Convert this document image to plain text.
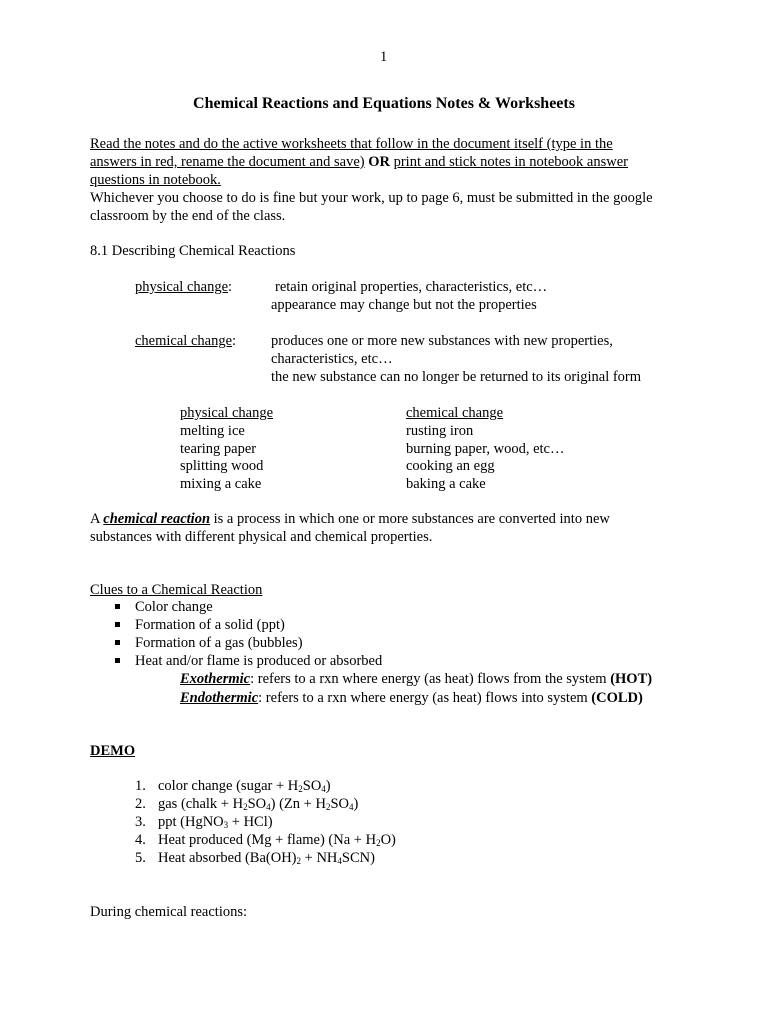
1
Chemical Reactions and Equations Notes & Worksheets
Read the notes and do the active worksheets that follow in the document itself (type in the
answers in red, rename the document and save) OR print and stick notes in notebook answer
questions in notebook.
Whichever you choose to do is fine but your work, up to page 6, must be submitted in the google
classroom by the end of the class.
8.1 Describing Chemical Reactions
physical change:	retain original properties, characteristics, etc…
appearance may change but not the properties
chemical change: produces one or more new substances with new properties,
characteristics, etc…
the new substance can no longer be returned to its original form
physical change	chemical change
melting ice
tearing paper
splitting wood
mixing a cake
rusting iron
burning paper, wood, etc…
cooking an egg
baking a cake
A chemical reaction is a process in which one or more substances are converted into new
substances with different physical and chemical properties.
Clues to a Chemical Reaction
Color change
Formation of a solid (ppt)
Formation of a gas (bubbles)
Heat and/or flame is produced or absorbed
Exothermic: refers to a rxn where energy (as heat) flows from the system (HOT)
Endothermic: refers to a rxn where energy (as heat) flows into system (COLD)
DEMO
1. color change (sugar + $H_2SO_4$)
2. gas (chalk + $H_2SO_4$) $(Zn + H_2SO_4)$
3. ppt (HgNO$_3$ + HCl)
4. Heat produced (Mg + flame) $(Na + H_2O)$
5. Heat absorbed $(Ba(OH)_2 + NH_4SCN)$
During chemical reactions:
